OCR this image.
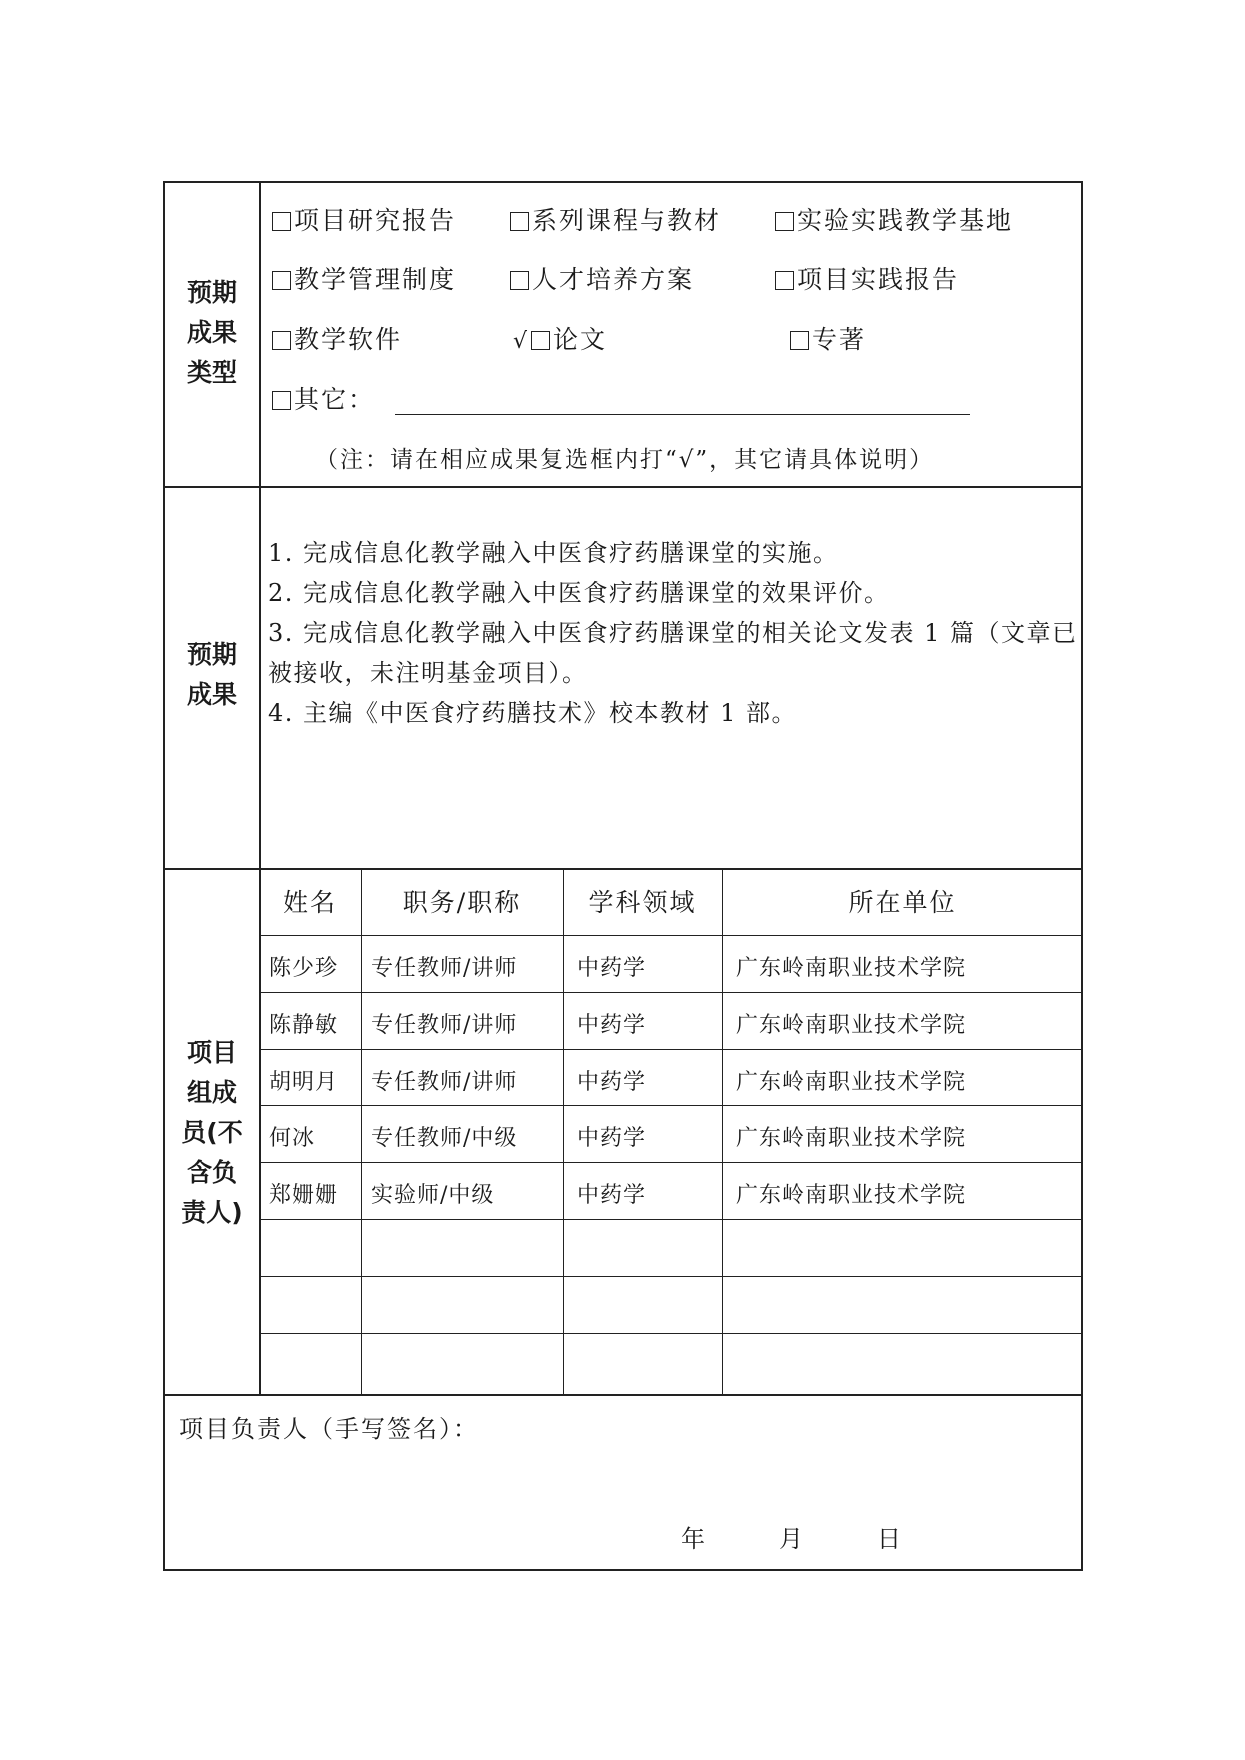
预期
成果
类型
项目研究报告	系列课程与教材	实验实践教学基地
教学管理制度	人才培养方案	项目实践报告
教学软件	√ 论文	专著
其它：
（注：请在相应成果复选框内打“√”，其它请具体说明）
预期
成果
1. 完成信息化教学融入中医食疗药膳课堂的实施。
2. 完成信息化教学融入中医食疗药膳课堂的效果评价。
3. 完成信息化教学融入中医食疗药膳课堂的相关论文发表 1 篇（文章已被接收，未注明基金项目）。
4. 主编《中医食疗药膳技术》校本教材 1 部。
项目
组成
员(不
含负
责人)
姓名	职务/职称	学科领域	所在单位
陈少珍 专任教师/讲师	中药学	广东岭南职业技术学院
陈静敏 专任教师/讲师	中药学	广东岭南职业技术学院
胡明月 专任教师/讲师	中药学	广东岭南职业技术学院
何冰	专任教师/中级	中药学	广东岭南职业技术学院
郑姗姗 实验师/中级	中药学	广东岭南职业技术学院
项目负责人（手写签名）：
年	月	日
